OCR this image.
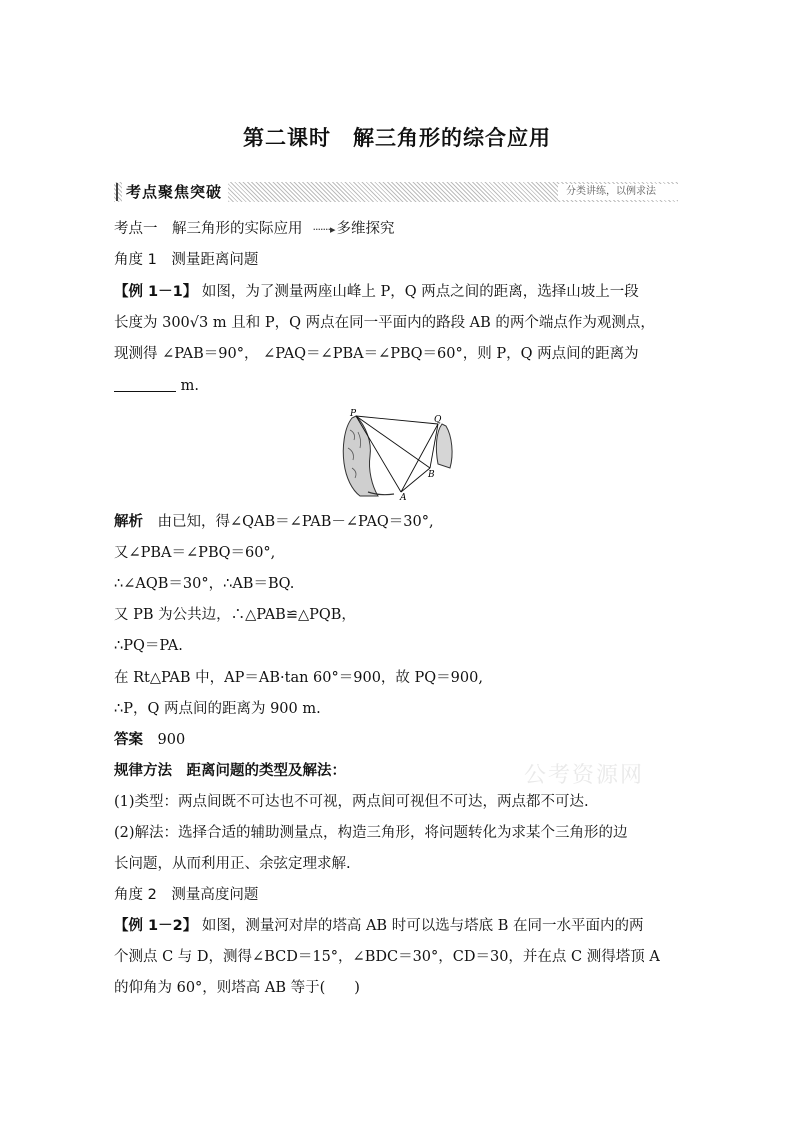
第二课时　解三角形的综合应用
考点聚焦突破	分类讲练，以例求法
考点一　解三角形的实际应用 ·······▸ 多维探究
角度 1　测量距离问题
【例 1－1】 如图，为了测量两座山峰上 P，Q 两点之间的距离，选择山坡上一段
长度为 300√3 m 且和 P，Q 两点在同一平面内的路段 AB 的两个端点作为观测点，
现测得 ∠PAB＝90°， ∠PAQ＝∠PBA＝∠PBQ＝60°，则 P，Q 两点间的距离为
m.
P
Q
B
A
解析　由已知，得∠QAB＝∠PAB－∠PAQ＝30°,
又∠PBA＝∠PBQ＝60°,
∴∠AQB＝30°，∴AB＝BQ.
又 PB 为公共边，∴△PAB≌△PQB，
∴PQ＝PA.
在 Rt△PAB 中，AP＝AB·tan 60°＝900，故 PQ＝900,
∴P，Q 两点间的距离为 900 m.
答案　900
规律方法　距离问题的类型及解法：
(1)类型：两点间既不可达也不可视，两点间可视但不可达，两点都不可达.
(2)解法：选择合适的辅助测量点，构造三角形，将问题转化为求某个三角形的边
长问题，从而利用正、余弦定理求解.
角度 2　测量高度问题
【例 1－2】 如图，测量河对岸的塔高 AB 时可以选与塔底 B 在同一水平面内的两
个测点 C 与 D，测得∠BCD＝15°，∠BDC＝30°，CD＝30，并在点 C 测得塔顶 A
的仰角为 60°，则塔高 AB 等于(　　)
公考资源网
